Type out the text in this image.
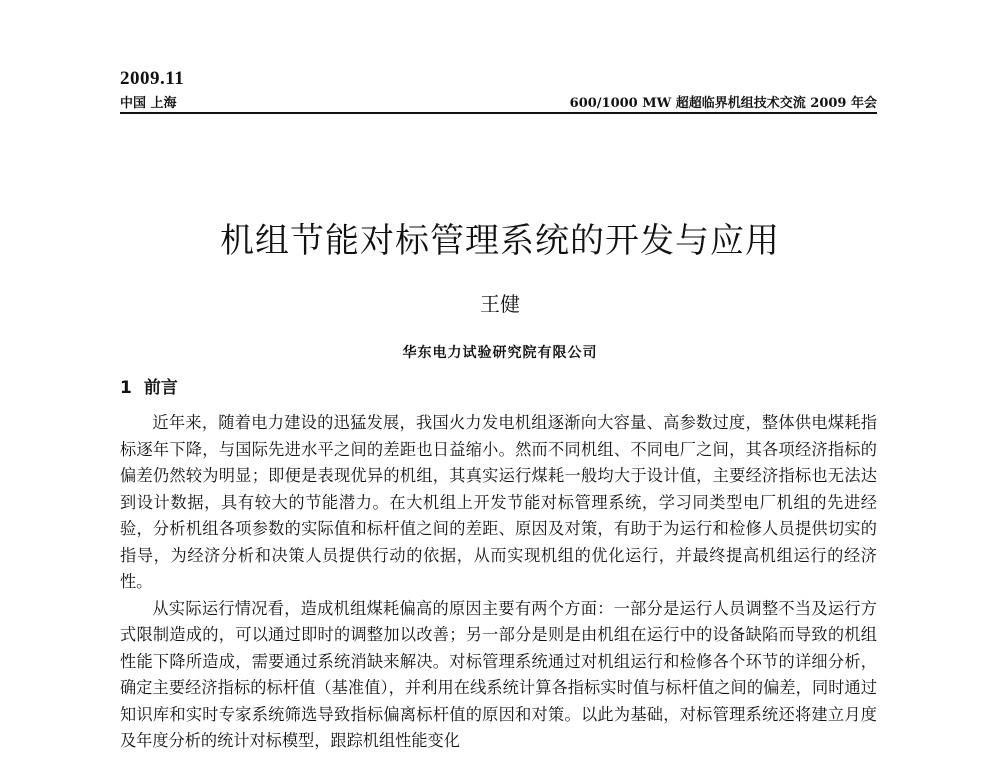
2009.11
中国 上海	600/1000 MW 超超临界机组技术交流 2009 年会
机组节能对标管理系统的开发与应用
王健
华东电力试验研究院有限公司
1 前言

近年来，随着电力建设的迅猛发展，我国火力发电机组逐渐向大容量、高参数过度，整体供电煤耗指标逐年下降，与国际先进水平之间的差距也日益缩小。然而不同机组、不同电厂之间，其各项经济指标的偏差仍然较为明显；即便是表现优异的机组，其真实运行煤耗一般均大于设计值，主要经济指标也无法达到设计数据，具有较大的节能潜力。在大机组上开发节能对标管理系统，学习同类型电厂机组的先进经验，分析机组各项参数的实际值和标杆值之间的差距、原因及对策，有助于为运行和检修人员提供切实的指导，为经济分析和决策人员提供行动的依据，从而实现机组的优化运行，并最终提高机组运行的经济性。

从实际运行情况看，造成机组煤耗偏高的原因主要有两个方面：一部分是运行人员调整不当及运行方式限制造成的，可以通过即时的调整加以改善；另一部分是则是由机组在运行中的设备缺陷而导致的机组性能下降所造成，需要通过系统消缺来解决。对标管理系统通过对机组运行和检修各个环节的详细分析，确定主要经济指标的标杆值（基准值），并利用在线系统计算各指标实时值与标杆值之间的偏差，同时通过知识库和实时专家系统筛选导致指标偏离标杆值的原因和对策。以此为基础，对标管理系统还将建立月度及年度分析的统计对标模型，跟踪机组性能变化
